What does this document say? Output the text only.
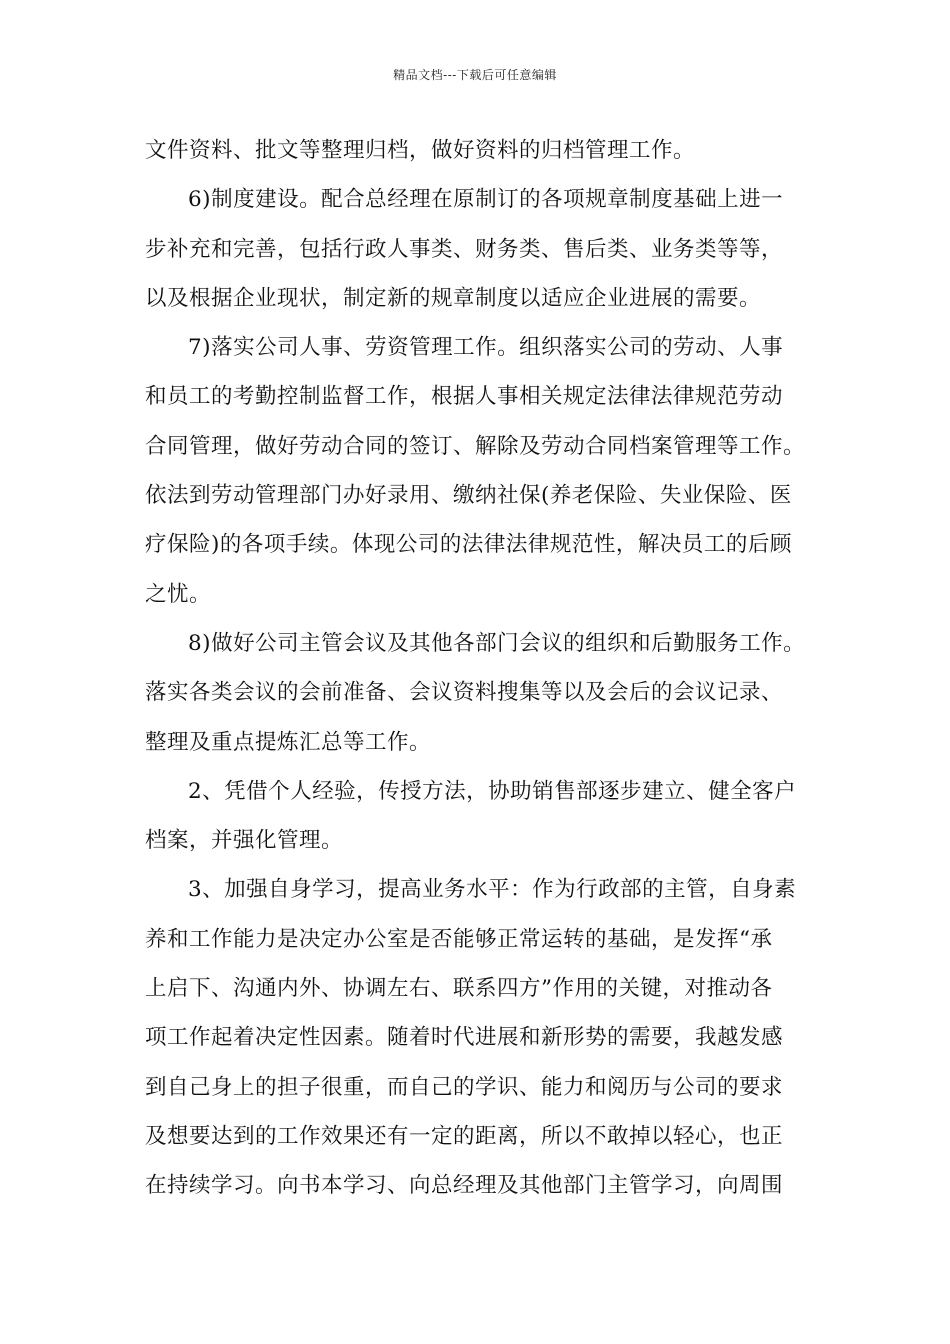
精品文档---下载后可任意编辑
文件资料、批文等整理归档，做好资料的归档管理工作。
6)制度建设。配合总经理在原制订的各项规章制度基础上进一
步补充和完善，包括行政人事类、财务类、售后类、业务类等等，
以及根据企业现状，制定新的规章制度以适应企业进展的需要。
7)落实公司人事、劳资管理工作。组织落实公司的劳动、人事
和员工的考勤控制监督工作，根据人事相关规定法律法律规范劳动
合同管理，做好劳动合同的签订、解除及劳动合同档案管理等工作。
依法到劳动管理部门办好录用、缴纳社保(养老保险、失业保险、医
疗保险)的各项手续。体现公司的法律法律规范性，解决员工的后顾
之忧。
8)做好公司主管会议及其他各部门会议的组织和后勤服务工作。
落实各类会议的会前准备、会议资料搜集等以及会后的会议记录、
整理及重点提炼汇总等工作。
2、凭借个人经验，传授方法，协助销售部逐步建立、健全客户
档案，并强化管理。
3、加强自身学习，提高业务水平：作为行政部的主管，自身素
养和工作能力是决定办公室是否能够正常运转的基础，是发挥“承
上启下、沟通内外、协调左右、联系四方”作用的关键，对推动各
项工作起着决定性因素。随着时代进展和新形势的需要，我越发感
到自己身上的担子很重，而自己的学识、能力和阅历与公司的要求
及想要达到的工作效果还有一定的距离，所以不敢掉以轻心，也正
在持续学习。向书本学习、向总经理及其他部门主管学习，向周围
